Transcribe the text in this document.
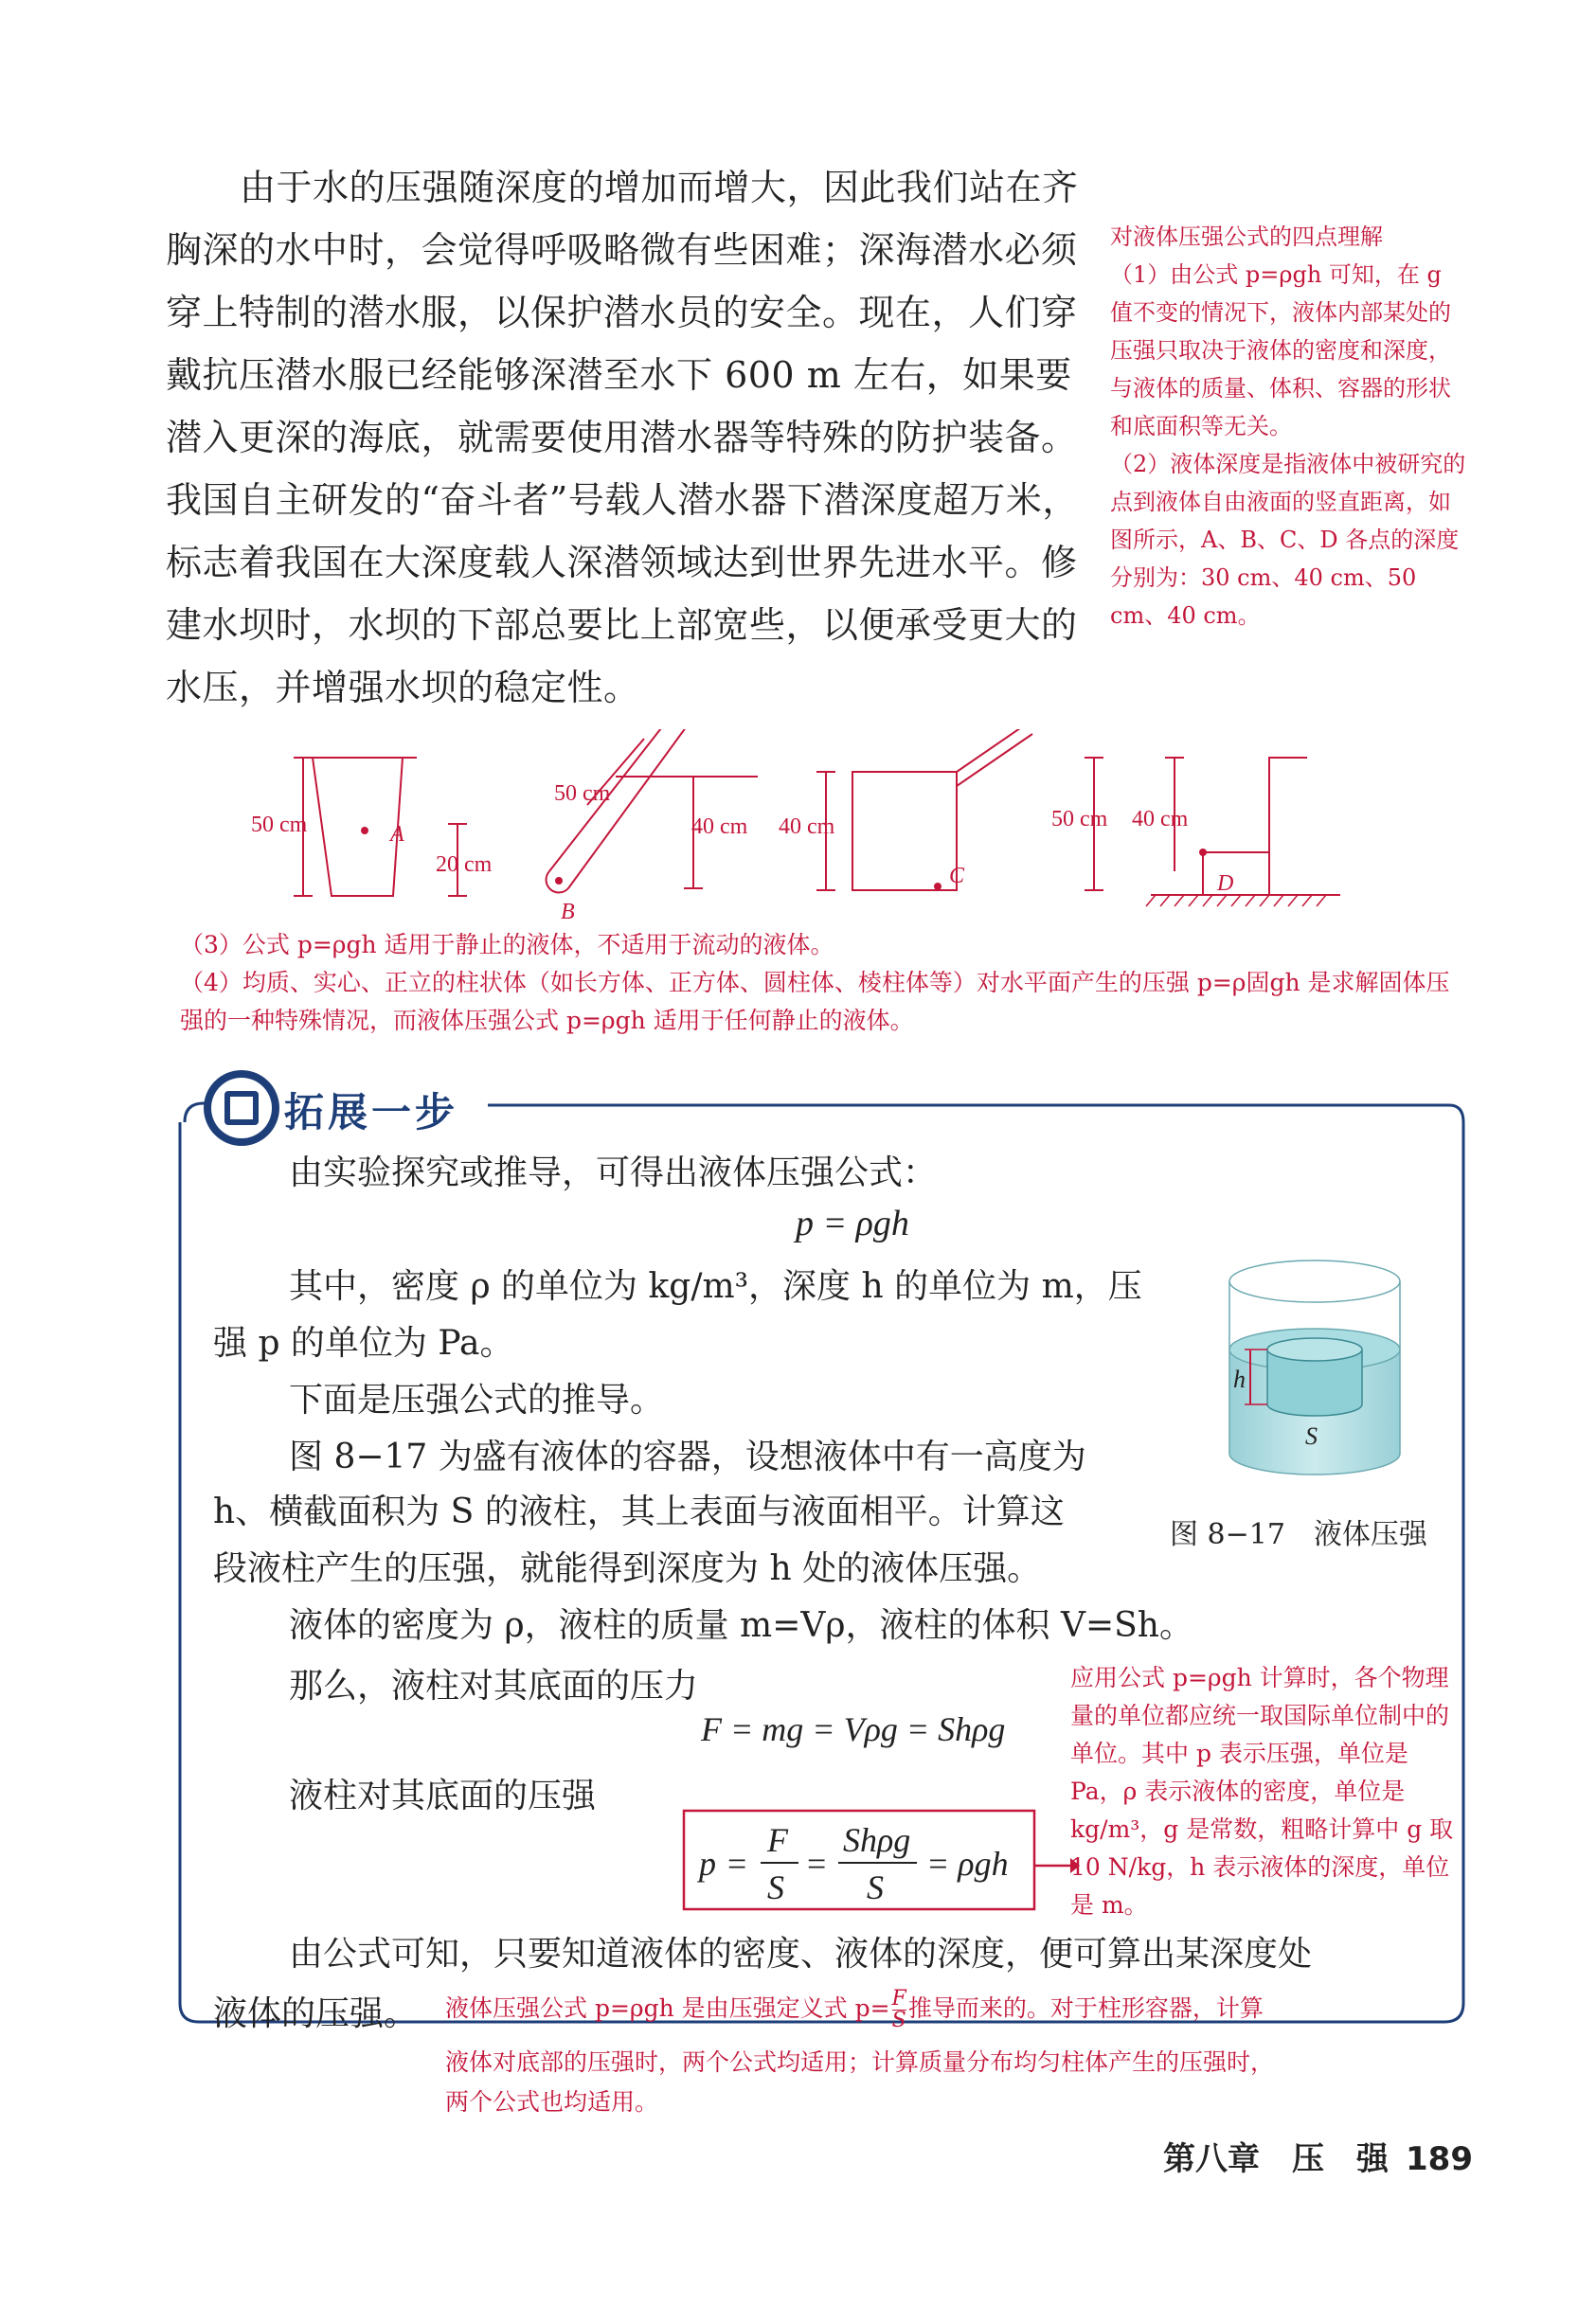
由于水的压强随深度的增加而增大，因此我们站在齐胸深的水中时，会觉得呼吸略微有些困难；深海潜水必须穿上特制的潜水服，以保护潜水员的安全。现在，人们穿戴抗压潜水服已经能够深潜至水下 600 m 左右，如果要潜入更深的海底，就需要使用潜水器等特殊的防护装备。我国自主研发的“奋斗者”号载人潜水器下潜深度超万米，标志着我国在大深度载人深潜领域达到世界先进水平。修建水坝时，水坝的下部总要比上部宽些，以便承受更大的水压，并增强水坝的稳定性。

对液体压强公式的四点理解

（1）由公式 p=ρgh 可知，在 g 值不变的情况下，液体内部某处的压强只取决于液体的密度和深度，与液体的质量、体积、容器的形状和底面积等无关。

（2）液体深度是指液体中被研究的点到液体自由液面的竖直距离，如图所示，A、B、C、D 各点的深度分别为：30 cm、40 cm、50 cm、40 cm。

50 cm	A
20 cm
50 cm
40 cm
B
40 cm
C
50 cm 40 cm
D

（3）公式 p=ρgh 适用于静止的液体，不适用于流动的液体。

（4）均质、实心、正立的柱状体（如长方体、正方体、圆柱体、棱柱体等）对水平面产生的压强 p=ρ固gh 是求解固体压强的一种特殊情况，而液体压强公式 p=ρgh 适用于任何静止的液体。

拓展一步
由实验探究或推导，可得出液体压强公式：
p = ρgh
其中，密度 ρ 的单位为 kg/m³，深度 h 的单位为 m，压
强 p 的单位为 Pa。
下面是压强公式的推导。
图 8−17 为盛有液体的容器，设想液体中有一高度为
h、横截面积为 S 的液柱，其上表面与液面相平。计算这
段液柱产生的压强，就能得到深度为 h 处的液体压强。
液体的密度为 ρ，液柱的质量 m=Vρ，液柱的体积 V=Sh。
那么，液柱对其底面的压力
F = mg = Vρg = Shρg
液柱对其底面的压强
由公式可知，只要知道液体的密度、液体的深度，便可算出某深度处
液体的压强。
h
S
图 8−17　液体压强
p =
F
S
=
Shρg
S
= ρgh
应用公式 p=ρgh 计算时，各个物理量的单位都应统一取国际单位制中的单位。其中 p 表示压强，单位是 Pa，ρ 表示液体的密度，单位是 kg/m³，g 是常数，粗略计算中 g 取 10 N/kg，h 表示液体的深度，单位是 m。
液体压强公式 p=ρgh 是由压强定义式 $p= \frac{F}{S}$ 推导而来的。对于柱形容器，计算
液体对底部的压强时，两个公式均适用；计算质量分布均匀柱体产生的压强时，
两个公式也均适用。
第八章　压　强 189
